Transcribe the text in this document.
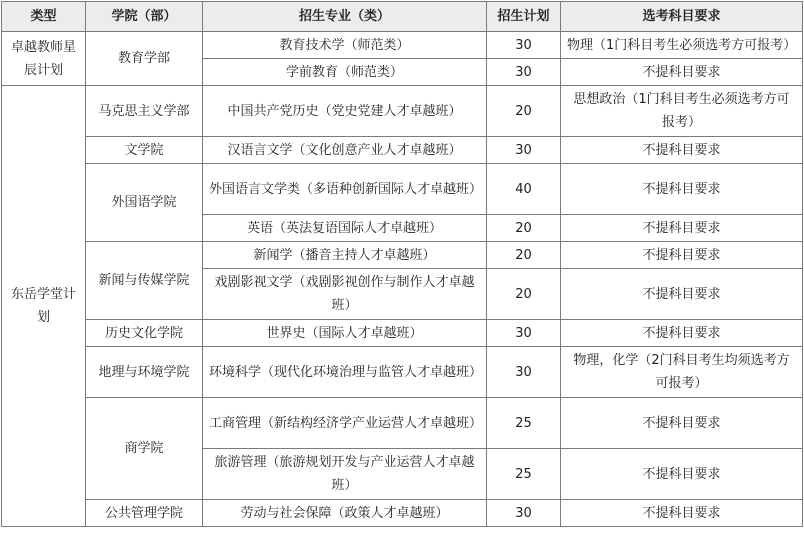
类型	学院（部）	招生专业（类）	招生计划	选考科目要求
卓越教师星辰计划	教育学部	教育技术学（师范类）	30	物理（1门科目考生必须选考方可报考）
		学前教育（师范类）	30	不提科目要求
东岳学堂计划	马克思主义学部	中国共产党历史（党史党建人才卓越班）	20	思想政治（1门科目考生必须选考方可报考）
	文学院	汉语言文学（文化创意产业人才卓越班）	30	不提科目要求
	外国语学院	外国语言文学类（多语种创新国际人才卓越班）	40	不提科目要求
		英语（英法复语国际人才卓越班）	20	不提科目要求
	新闻与传媒学院	新闻学（播音主持人才卓越班）	20	不提科目要求
		戏剧影视文学（戏剧影视创作与制作人才卓越班）	20	不提科目要求
	历史文化学院	世界史（国际人才卓越班）	30	不提科目要求
	地理与环境学院	环境科学（现代化环境治理与监管人才卓越班）	30	物理，化学（2门科目考生均须选考方可报考）
	商学院	工商管理（新结构经济学产业运营人才卓越班）	25	不提科目要求
		旅游管理（旅游规划开发与产业运营人才卓越班）	25	不提科目要求
	公共管理学院	劳动与社会保障（政策人才卓越班）	30	不提科目要求
